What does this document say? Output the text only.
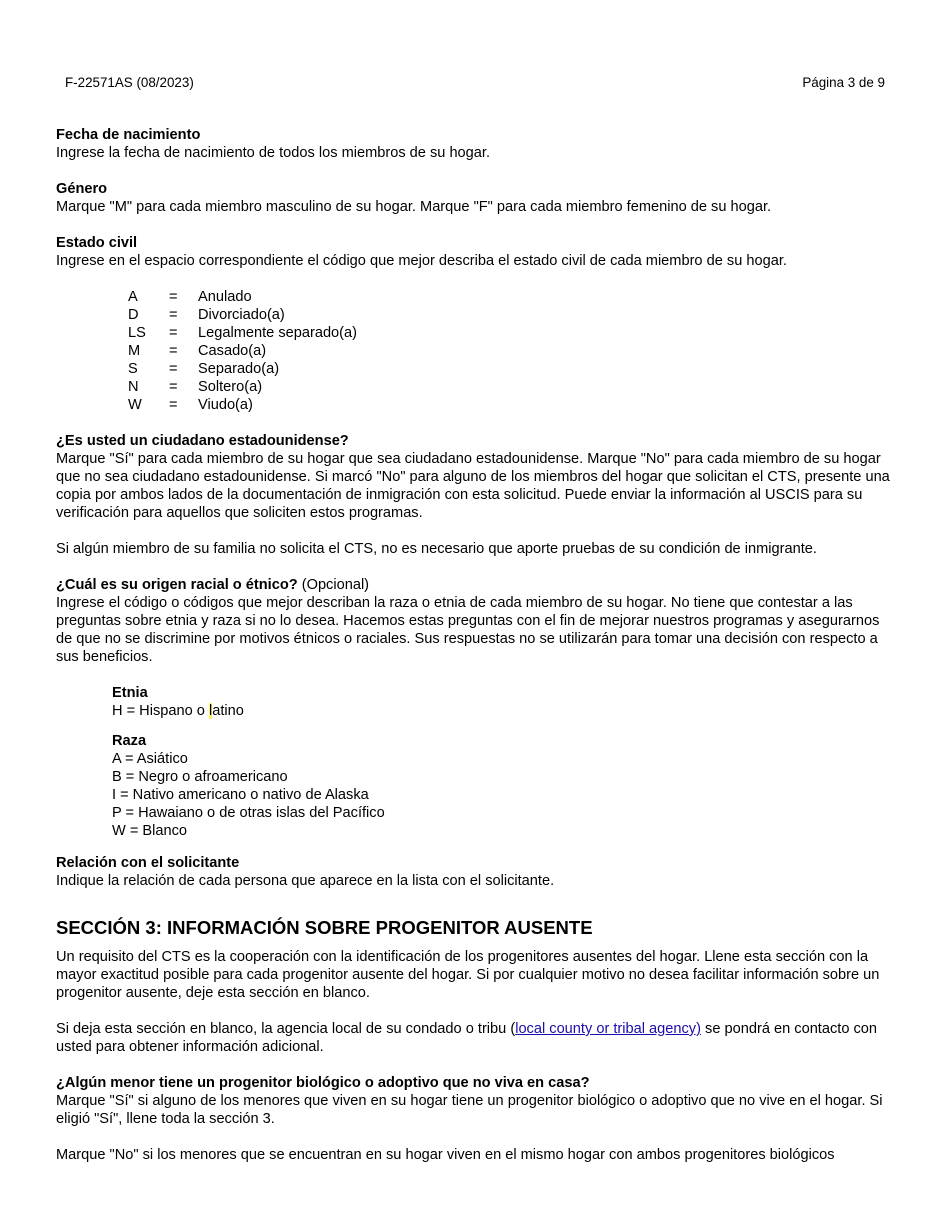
F-22571AS (08/2023)	Página 3 de 9

Fecha de nacimiento

Ingrese la fecha de nacimiento de todos los miembros de su hogar.

Género

Marque "M" para cada miembro masculino de su hogar. Marque "F" para cada miembro femenino de su hogar.

Estado civil

Ingrese en el espacio correspondiente el código que mejor describa el estado civil de cada miembro de su hogar.

A	=	Anulado
D	=	Divorciado(a)
LS	=	Legalmente separado(a)
M	=	Casado(a)
S	=	Separado(a)
N	=	Soltero(a)
W	=	Viudo(a)

¿Es usted un ciudadano estadounidense?

Marque "Sí" para cada miembro de su hogar que sea ciudadano estadounidense. Marque "No" para cada miembro de su hogar que no sea ciudadano estadounidense. Si marcó "No" para alguno de los miembros del hogar que solicitan el CTS, presente una copia por ambos lados de la documentación de inmigración con esta solicitud. Puede enviar la información al USCIS para su verificación para aquellos que soliciten estos programas.

Si algún miembro de su familia no solicita el CTS, no es necesario que aporte pruebas de su condición de inmigrante.

¿Cuál es su origen racial o étnico? (Opcional)

Ingrese el código o códigos que mejor describan la raza o etnia de cada miembro de su hogar. No tiene que contestar a las preguntas sobre etnia y raza si no lo desea. Hacemos estas preguntas con el fin de mejorar nuestros programas y asegurarnos de que no se discrimine por motivos étnicos o raciales. Sus respuestas no se utilizarán para tomar una decisión con respecto a sus beneficios.

Etnia

H = Hispano o latino

Raza

A = Asiático

B = Negro o afroamericano

I = Nativo americano o nativo de Alaska

P = Hawaiano o de otras islas del Pacífico

W = Blanco

Relación con el solicitante

Indique la relación de cada persona que aparece en la lista con el solicitante.

SECCIÓN 3: INFORMACIÓN SOBRE PROGENITOR AUSENTE

Un requisito del CTS es la cooperación con la identificación de los progenitores ausentes del hogar. Llene esta sección con la mayor exactitud posible para cada progenitor ausente del hogar. Si por cualquier motivo no desea facilitar información sobre un progenitor ausente, deje esta sección en blanco.

Si deja esta sección en blanco, la agencia local de su condado o tribu (local county or tribal agency) se pondrá en contacto con usted para obtener información adicional.

¿Algún menor tiene un progenitor biológico o adoptivo que no viva en casa?

Marque "Sí" si alguno de los menores que viven en su hogar tiene un progenitor biológico o adoptivo que no vive en el hogar. Si eligió "Sí", llene toda la sección 3.

Marque "No" si los menores que se encuentran en su hogar viven en el mismo hogar con ambos progenitores biológicos
